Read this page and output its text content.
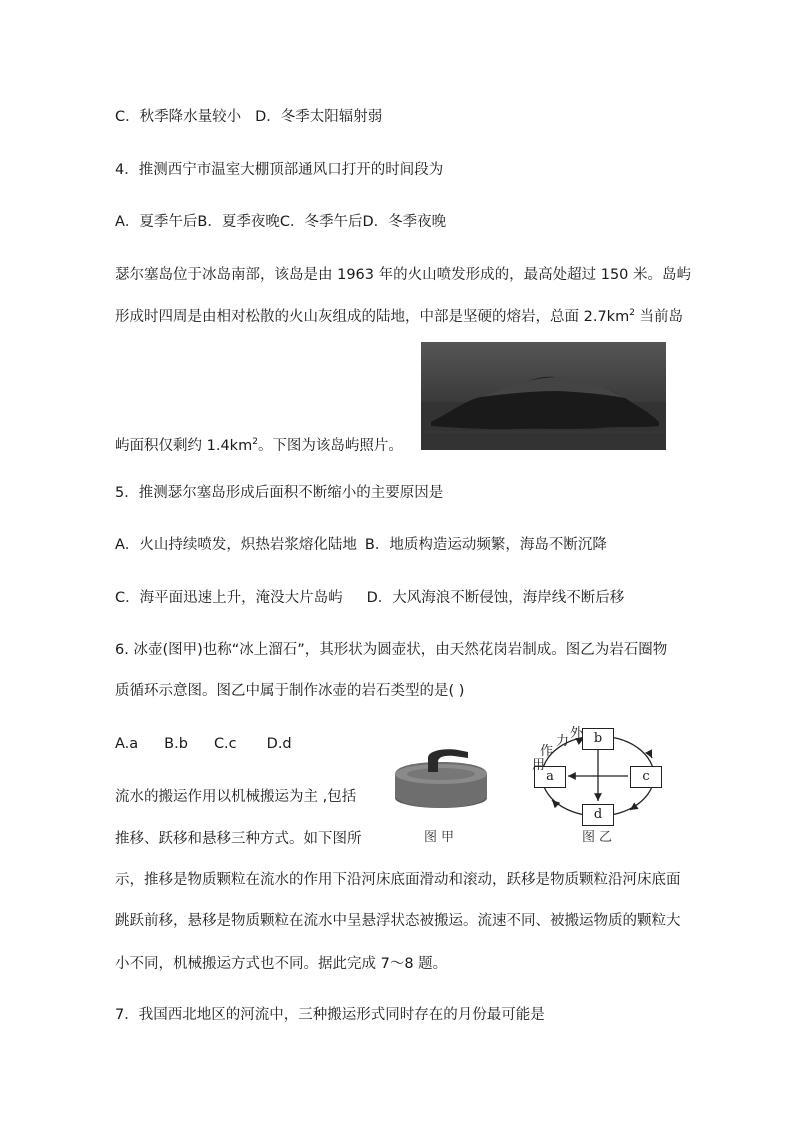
C．秋季降水量较小 D．冬季太阳辐射弱
4．推测西宁市温室大棚顶部通风口打开的时间段为
A．夏季午后B．夏季夜晚C．冬季午后D．冬季夜晚
瑟尔塞岛位于冰岛南部，该岛是由 1963 年的火山喷发形成的，最高处超过 150 米。岛屿
形成时四周是由相对松散的火山灰组成的陆地，中部是坚硬的熔岩，总面 $2.7km^2$ 当前岛
屿面积仅剩约 $1.4km^2$。下图为该岛屿照片。
5．推测瑟尔塞岛形成后面积不断缩小的主要原因是
A．火山持续喷发，炽热岩浆熔化陆地 B．地质构造运动频繁，海岛不断沉降
C．海平面迅速上升，淹没大片岛屿 D．大风海浪不断侵蚀，海岸线不断后移
6. 冰壶(图甲)也称“冰上溜石”，其形状为圆壶状，由天然花岗岩制成。图乙为岩石圈物
质循环示意图。图乙中属于制作冰壶的岩石类型的是( )
A.a B.b C.c D.d
图甲
b
a	c
d
外
力
作
用
图乙
流水的搬运作用以机械搬运为主 ,包括
推移、跃移和悬移三种方式。如下图所
示，推移是物质颗粒在流水的作用下沿河床底面滑动和滚动，跃移是物质颗粒沿河床底面
跳跃前移，悬移是物质颗粒在流水中呈悬浮状态被搬运。流速不同、被搬运物质的颗粒大
小不同，机械搬运方式也不同。据此完成 7～8 题。
7．我国西北地区的河流中，三种搬运形式同时存在的月份最可能是
